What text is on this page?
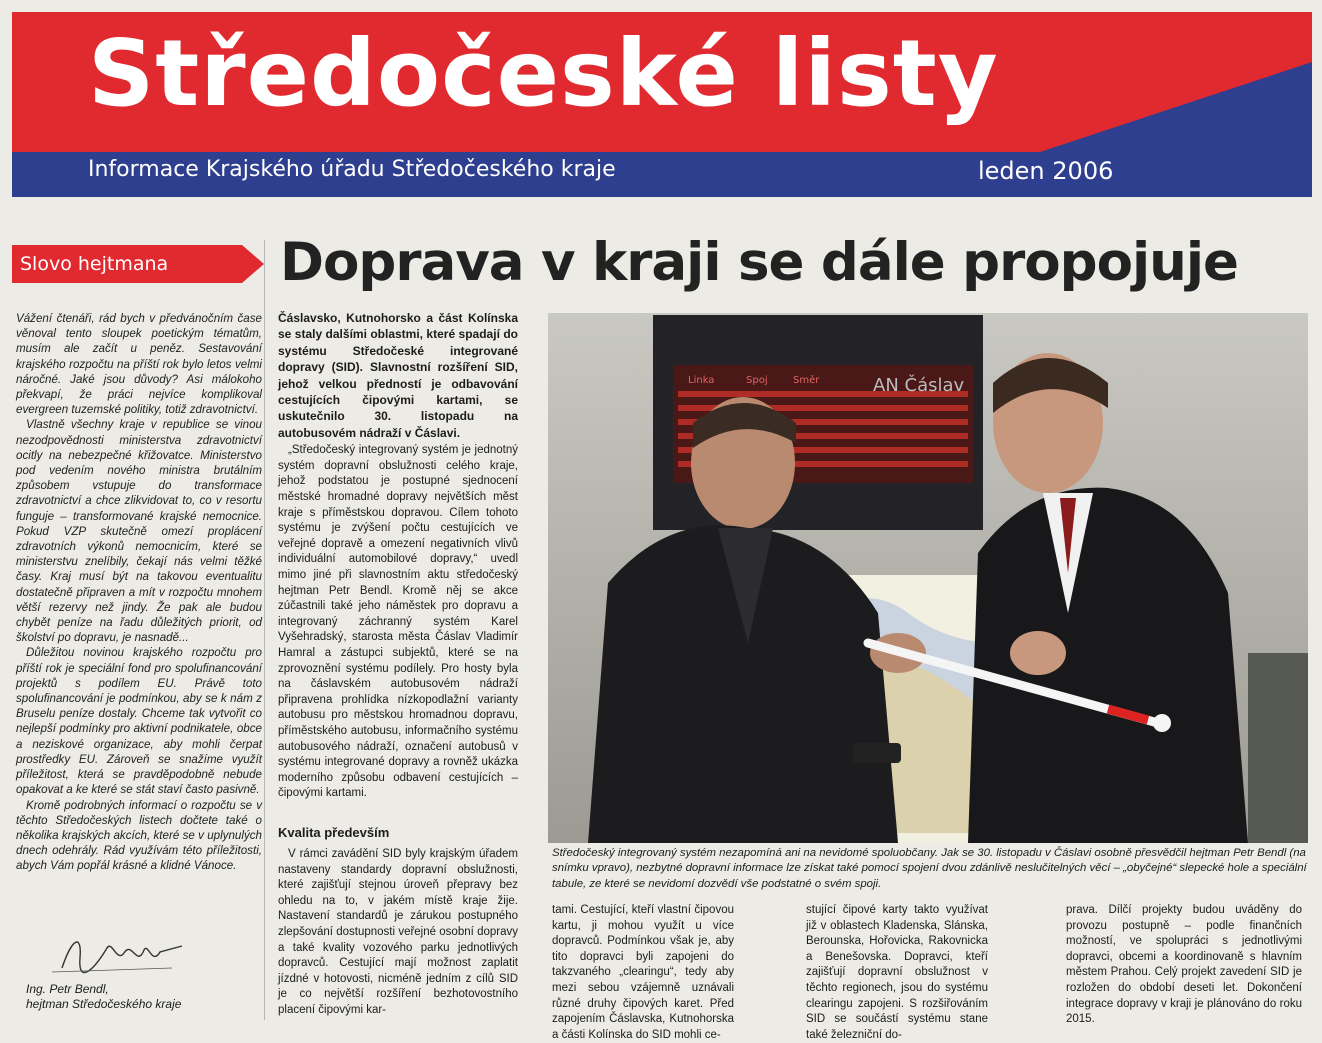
Středočeské listy
Informace Krajského úřadu Středočeského kraje	leden 2006
Slovo hejtmana

Vážení čtenáři, rád bych v předvánočním čase věnoval tento sloupek poetickým tématům, musím ale začít u peněz. Sestavování krajského rozpočtu na příští rok bylo letos velmi náročné. Jaké jsou důvody? Asi málokoho překvapí, že práci nejvíce komplikoval evergreen tuzemské politiky, totiž zdravotnictví.

Vlastně všechny kraje v republice se vinou nezodpovědnosti ministerstva zdravotnictví ocitly na nebezpečné křižovatce. Ministerstvo pod vedením nového ministra brutálním způsobem vstupuje do transformace zdravotnictví a chce zlikvidovat to, co v resortu funguje – transformované krajské nemocnice. Pokud VZP skutečně omezí proplácení zdravotních výkonů nemocnicím, které se ministerstvu znelíbily, čekají nás velmi těžké časy. Kraj musí být na takovou eventualitu dostatečně připraven a mít v rozpočtu mnohem větší rezervy než jindy. Že pak ale budou chybět peníze na řadu důležitých priorit, od školství po dopravu, je nasnadě...

Důležitou novinou krajského rozpočtu pro příští rok je speciální fond pro spolufinancování projektů s podílem EU. Právě toto spolufinancování je podmínkou, aby se k nám z Bruselu peníze dostaly. Chceme tak vytvořit co nejlepší podmínky pro aktivní podnikatele, obce a neziskové organizace, aby mohli čerpat prostředky EU. Zároveň se snažíme využít příležitost, která se pravděpodobně nebude opakovat a ke které se stát staví často pasivně.

Kromě podrobných informací o rozpočtu se v těchto Středočeských listech dočtete také o několika krajských akcích, které se v uplynulých dnech odehrály. Rád využívám této příležitosti, abych Vám popřál krásné a klidné Vánoce.

Ing. Petr Bendl,
hejtman Středočeského kraje
Doprava v kraji se dále propojuje

Čáslavsko, Kutnohorsko a část Kolínska se staly dalšími oblastmi, které spadají do systému Středočeské integrované dopravy (SID). Slavnostní rozšíření SID, jehož velkou předností je odbavování cestujících čipovými kartami, se uskutečnilo 30. listopadu na autobusovém nádraží v Čáslavi.

„Středočeský integrovaný systém je jednotný systém dopravní obslužnosti celého kraje, jehož podstatou je postupné sjednocení městské hromadné dopravy největších měst kraje s příměstskou dopravou. Cílem tohoto systému je zvýšení počtu cestujících ve veřejné dopravě a omezení negativních vlivů individuální automobilové dopravy,“ uvedl mimo jiné při slavnostním aktu středočeský hejtman Petr Bendl. Kromě něj se akce zúčastnili také jeho náměstek pro dopravu a integrovaný záchranný systém Karel Vyšehradský, starosta města Čáslav Vladimír Hamral a zástupci subjektů, které se na zprovoznění systému podílely. Pro hosty byla na čáslavském autobusovém nádraží připravena prohlídka nízkopodlažní varianty autobusu pro městskou hromadnou dopravu, příměstského autobusu, informačního systému autobusového nádraží, označení autobusů v systému integrované dopravy a rovněž ukázka moderního způsobu odbavení cestujících – čipovými kartami.

Kvalita především
V rámci zavádění SID byly krajským úřadem nastaveny standardy dopravní obslužnosti, které zajišťují stejnou úroveň přepravy bez ohledu na to, v jakém místě kraje žije. Nastavení standardů je zárukou postupného zlepšování dostupnosti veřejné osobní dopravy a také kvality vozového parku jednotlivých dopravců. Cestující mají možnost zaplatit jízdné v hotovosti, nicméně jedním z cílů SID je co největší rozšíření bezhotovostního placení čipovými kar-
Linka	Spoj	Směr	AN Čáslav
Středočeský integrovaný systém nezapomíná ani na nevidomé spoluobčany. Jak se 30. listopadu v Čáslavi osobně přesvědčil hejtman Petr Bendl (na snímku vpravo), nezbytné dopravní informace lze získat také pomocí spojení dvou zdánlivě neslučitelných věcí – „obyčejné“ slepecké hole a speciální tabule, ze které se nevidomí dozvědí vše podstatné o svém spoji.
tami. Cestující, kteří vlastní čipovou kartu, ji mohou využít u více dopravců. Podmínkou však je, aby tito dopravci byli zapojeni do takzvaného „clearingu“, tedy aby mezi sebou vzájemně uznávali různé druhy čipových karet. Před zapojením Čáslavska, Kutnohorska a části Kolínska do SID mohli ce-
stující čipové karty takto využívat již v oblastech Kladenska, Slánska, Berounska, Hořovicka, Rakovnicka a Benešovska. Dopravci, kteří zajišťují dopravní obslužnost v těchto regionech, jsou do systému clearingu zapojeni. S rozšiřováním SID se součástí systému stane také železniční do-
prava. Dílčí projekty budou uváděny do provozu postupně – podle finančních možností, ve spolupráci s jednotlivými dopravci, obcemi a koordinovaně s hlavním městem Prahou. Celý projekt zavedení SID je rozložen do období deseti let. Dokončení integrace dopravy v kraji je plánováno do roku 2015.
